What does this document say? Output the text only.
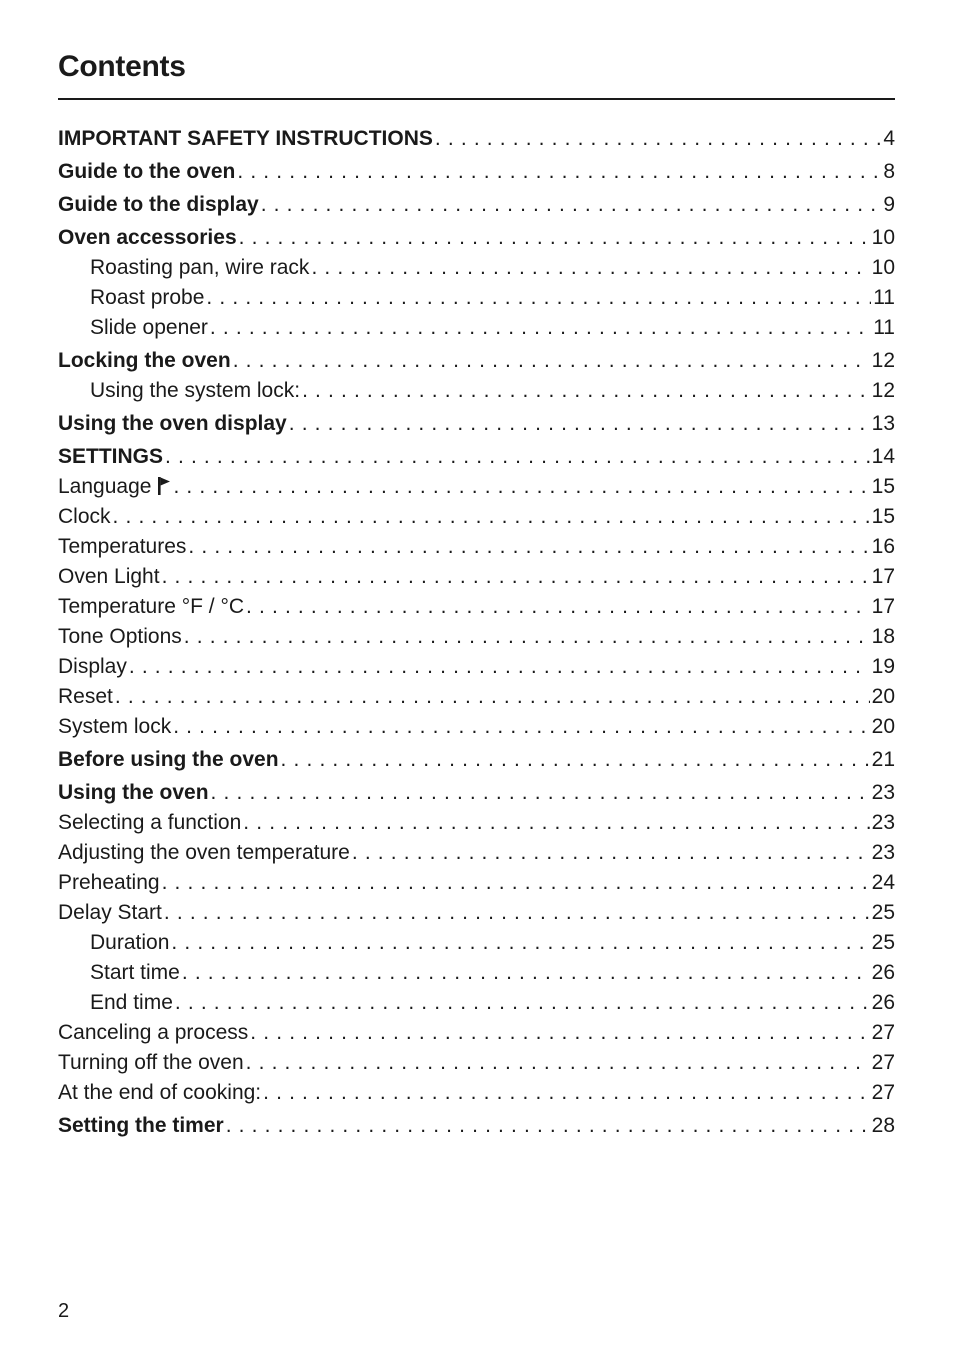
Contents
IMPORTANT SAFETY INSTRUCTIONS . . .	4
Guide to the oven . . .	8
Guide to the display . . .	9
Oven accessories . . .	10
Roasting pan, wire rack . . .	10
Roast probe . . .	11
Slide opener . . .	11
Locking the oven . . .	12
Using the system lock: . . .	12
Using the oven display . . .	13
SETTINGS . . .	14
Language . . .	15
Clock . . .	15
Temperatures . . .	16
Oven Light . . .	17
Temperature °F / °C . . .	17
Tone Options . . .	18
Display . . .	19
Reset . . .	20
System lock . . .	20
Before using the oven . . .	21
Using the oven . . .	23
Selecting a function . . .	23
Adjusting the oven temperature . . .	23
Preheating . . .	24
Delay Start . . .	25
Duration . . .	25
Start time . . .	26
End time . . .	26
Canceling a process . . .	27
Turning off the oven . . .	27
At the end of cooking: . . .	27
Setting the timer . . .	28
2
